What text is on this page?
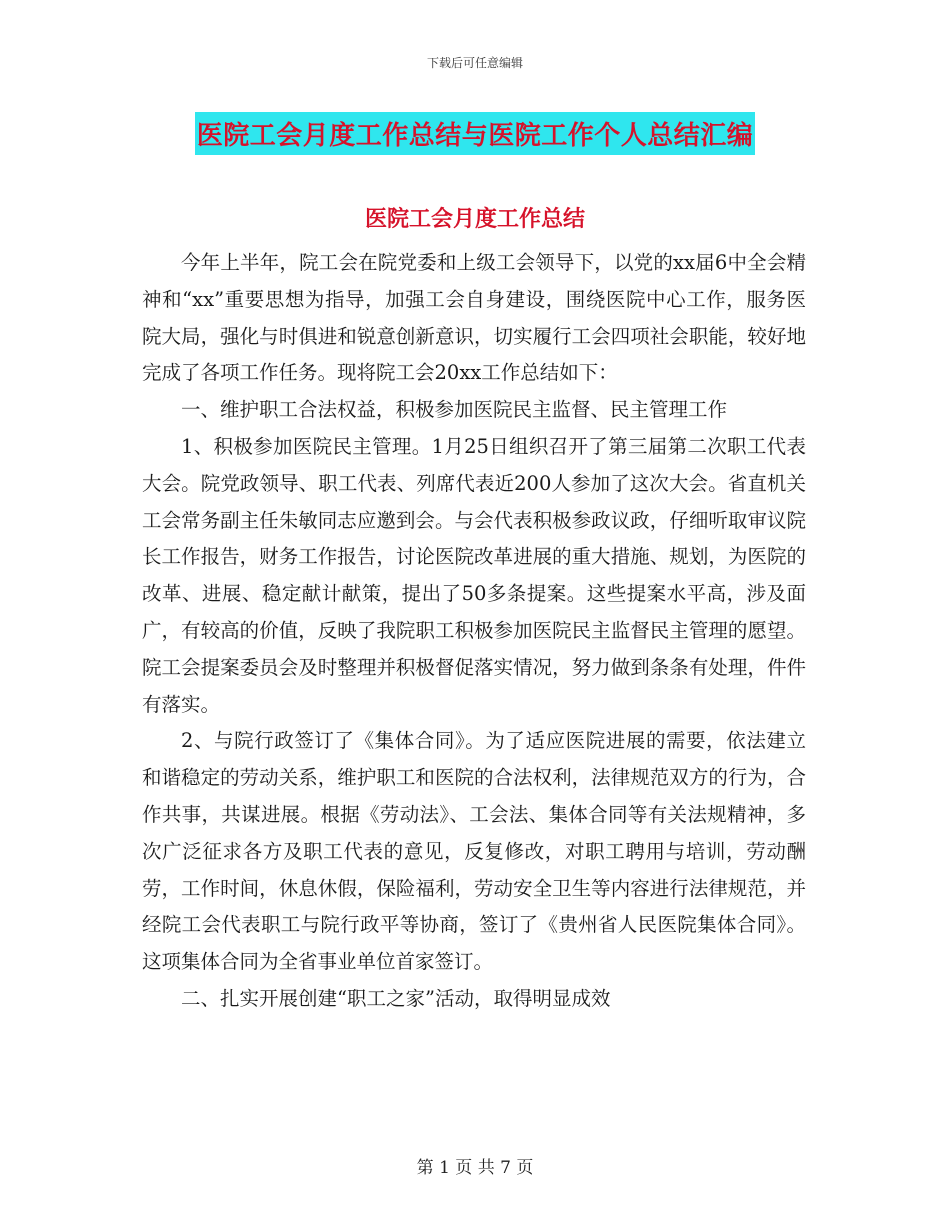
下载后可任意编辑
医院工会月度工作总结与医院工作个人总结汇编
医院工会月度工作总结

今年上半年，院工会在院党委和上级工会领导下，以党的xx届6中全会精神和“xx”重要思想为指导，加强工会自身建设，围绕医院中心工作，服务医院大局，强化与时俱进和锐意创新意识，切实履行工会四项社会职能，较好地完成了各项工作任务。现将院工会20xx工作总结如下：

一、维护职工合法权益，积极参加医院民主监督、民主管理工作

1、积极参加医院民主管理。1月25日组织召开了第三届第二次职工代表大会。院党政领导、职工代表、列席代表近200人参加了这次大会。省直机关工会常务副主任朱敏同志应邀到会。与会代表积极参政议政，仔细听取审议院长工作报告，财务工作报告，讨论医院改革进展的重大措施、规划，为医院的改革、进展、稳定献计献策，提出了50多条提案。这些提案水平高，涉及面广，有较高的价值，反映了我院职工积极参加医院民主监督民主管理的愿望。院工会提案委员会及时整理并积极督促落实情况，努力做到条条有处理，件件有落实。

2、与院行政签订了《集体合同》。为了适应医院进展的需要，依法建立和谐稳定的劳动关系，维护职工和医院的合法权利，法律规范双方的行为，合作共事，共谋进展。根据《劳动法》、工会法、集体合同等有关法规精神，多次广泛征求各方及职工代表的意见，反复修改，对职工聘用与培训，劳动酬劳，工作时间，休息休假，保险福利，劳动安全卫生等内容进行法律规范，并经院工会代表职工与院行政平等协商，签订了《贵州省人民医院集体合同》。这项集体合同为全省事业单位首家签订。

二、扎实开展创建“职工之家”活动，取得明显成效

第 1 页 共 7 页
